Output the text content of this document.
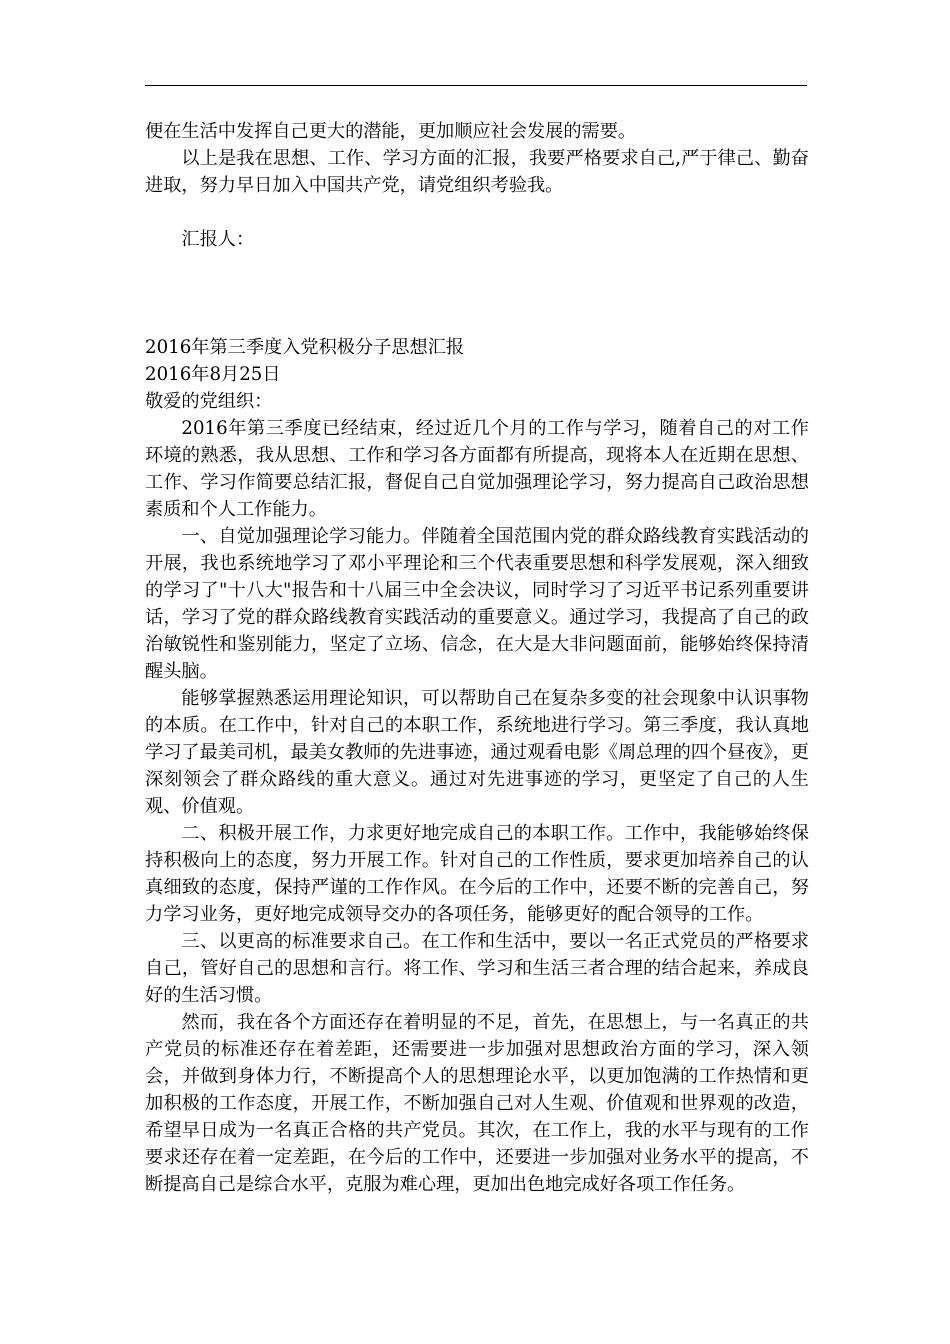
便在生活中发挥自己更大的潜能，更加顺应社会发展的需要。

以上是我在思想、工作、学习方面的汇报，我要严格要求自己,严于律己、勤奋进取，努力早日加入中国共产党，请党组织考验我。

汇报人：

2016年第三季度入党积极分子思想汇报

2016年8月25日

敬爱的党组织：

2016年第三季度已经结束，经过近几个月的工作与学习，随着自己的对工作环境的熟悉，我从思想、工作和学习各方面都有所提高，现将本人在近期在思想、工作、学习作简要总结汇报，督促自己自觉加强理论学习，努力提高自己政治思想素质和个人工作能力。

一、自觉加强理论学习能力。伴随着全国范围内党的群众路线教育实践活动的开展，我也系统地学习了邓小平理论和三个代表重要思想和科学发展观，深入细致的学习了"十八大"报告和十八届三中全会决议，同时学习了习近平书记系列重要讲话，学习了党的群众路线教育实践活动的重要意义。通过学习，我提高了自己的政治敏锐性和鉴别能力，坚定了立场、信念，在大是大非问题面前，能够始终保持清醒头脑。

能够掌握熟悉运用理论知识，可以帮助自己在复杂多变的社会现象中认识事物的本质。在工作中，针对自己的本职工作，系统地进行学习。第三季度，我认真地学习了最美司机，最美女教师的先进事迹，通过观看电影《周总理的四个昼夜》，更深刻领会了群众路线的重大意义。通过对先进事迹的学习，更坚定了自己的人生观、价值观。

二、积极开展工作，力求更好地完成自己的本职工作。工作中，我能够始终保持积极向上的态度，努力开展工作。针对自己的工作性质，要求更加培养自己的认真细致的态度，保持严谨的工作作风。在今后的工作中，还要不断的完善自己，努力学习业务，更好地完成领导交办的各项任务，能够更好的配合领导的工作。

三、以更高的标准要求自己。在工作和生活中，要以一名正式党员的严格要求自己，管好自己的思想和言行。将工作、学习和生活三者合理的结合起来，养成良好的生活习惯。

然而，我在各个方面还存在着明显的不足，首先，在思想上，与一名真正的共产党员的标准还存在着差距，还需要进一步加强对思想政治方面的学习，深入领会，并做到身体力行，不断提高个人的思想理论水平，以更加饱满的工作热情和更加积极的工作态度，开展工作，不断加强自己对人生观、价值观和世界观的改造，希望早日成为一名真正合格的共产党员。其次，在工作上，我的水平与现有的工作要求还存在着一定差距，在今后的工作中，还要进一步加强对业务水平的提高，不断提高自己是综合水平，克服为难心理，更加出色地完成好各项工作任务。
